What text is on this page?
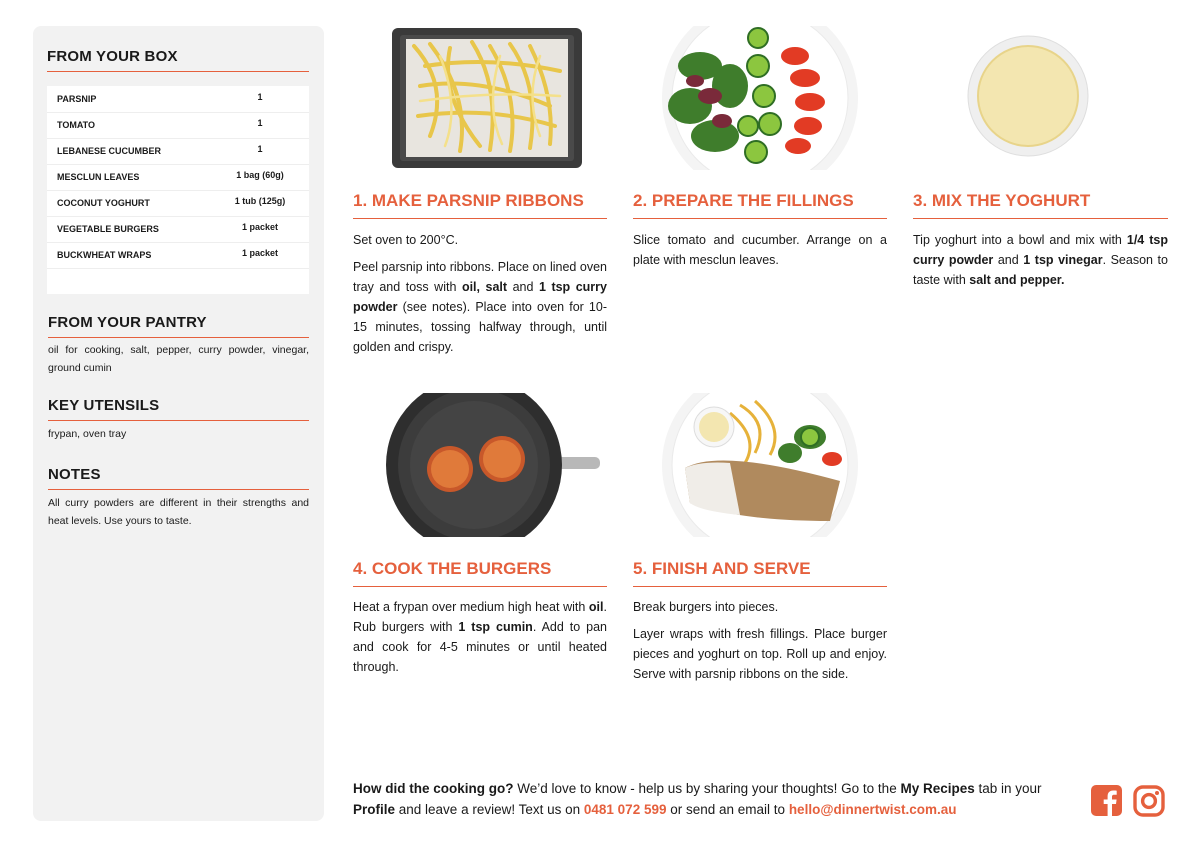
FROM YOUR BOX
PARSNIP	1
TOMATO	1
LEBANESE CUCUMBER	1
MESCLUN LEAVES	1 bag (60g)
COCONUT YOGHURT	1 tub (125g)
VEGETABLE BURGERS	1 packet
BUCKWHEAT WRAPS	1 packet
FROM YOUR PANTRY
oil for cooking, salt, pepper, curry powder, vinegar, ground cumin
KEY UTENSILS
frypan, oven tray
NOTES
All curry powders are different in their strengths and heat levels. Use yours to taste.
1. MAKE PARSNIP RIBBONS

Set oven to 200°C.

Peel parsnip into ribbons. Place on lined oven tray and toss with oil, salt and 1 tsp curry powder (see notes). Place into oven for 10-15 minutes, tossing halfway through, until golden and crispy.

2. PREPARE THE FILLINGS

Slice tomato and cucumber. Arrange on a plate with mesclun leaves.

3. MIX THE YOGHURT

Tip yoghurt into a bowl and mix with 1/4 tsp curry powder and 1 tsp vinegar. Season to taste with salt and pepper.

4. COOK THE BURGERS

Heat a frypan over medium high heat with oil. Rub burgers with 1 tsp cumin. Add to pan and cook for 4-5 minutes or until heated through.

5. FINISH AND SERVE

Break burgers into pieces.

Layer wraps with fresh fillings. Place burger pieces and yoghurt on top. Roll up and enjoy. Serve with parsnip ribbons on the side.

How did the cooking go? We’d love to know - help us by sharing your thoughts! Go to the My Recipes tab in your Profile and leave a review! Text us on 0481 072 599 or send an email to hello@dinnertwist.com.au
